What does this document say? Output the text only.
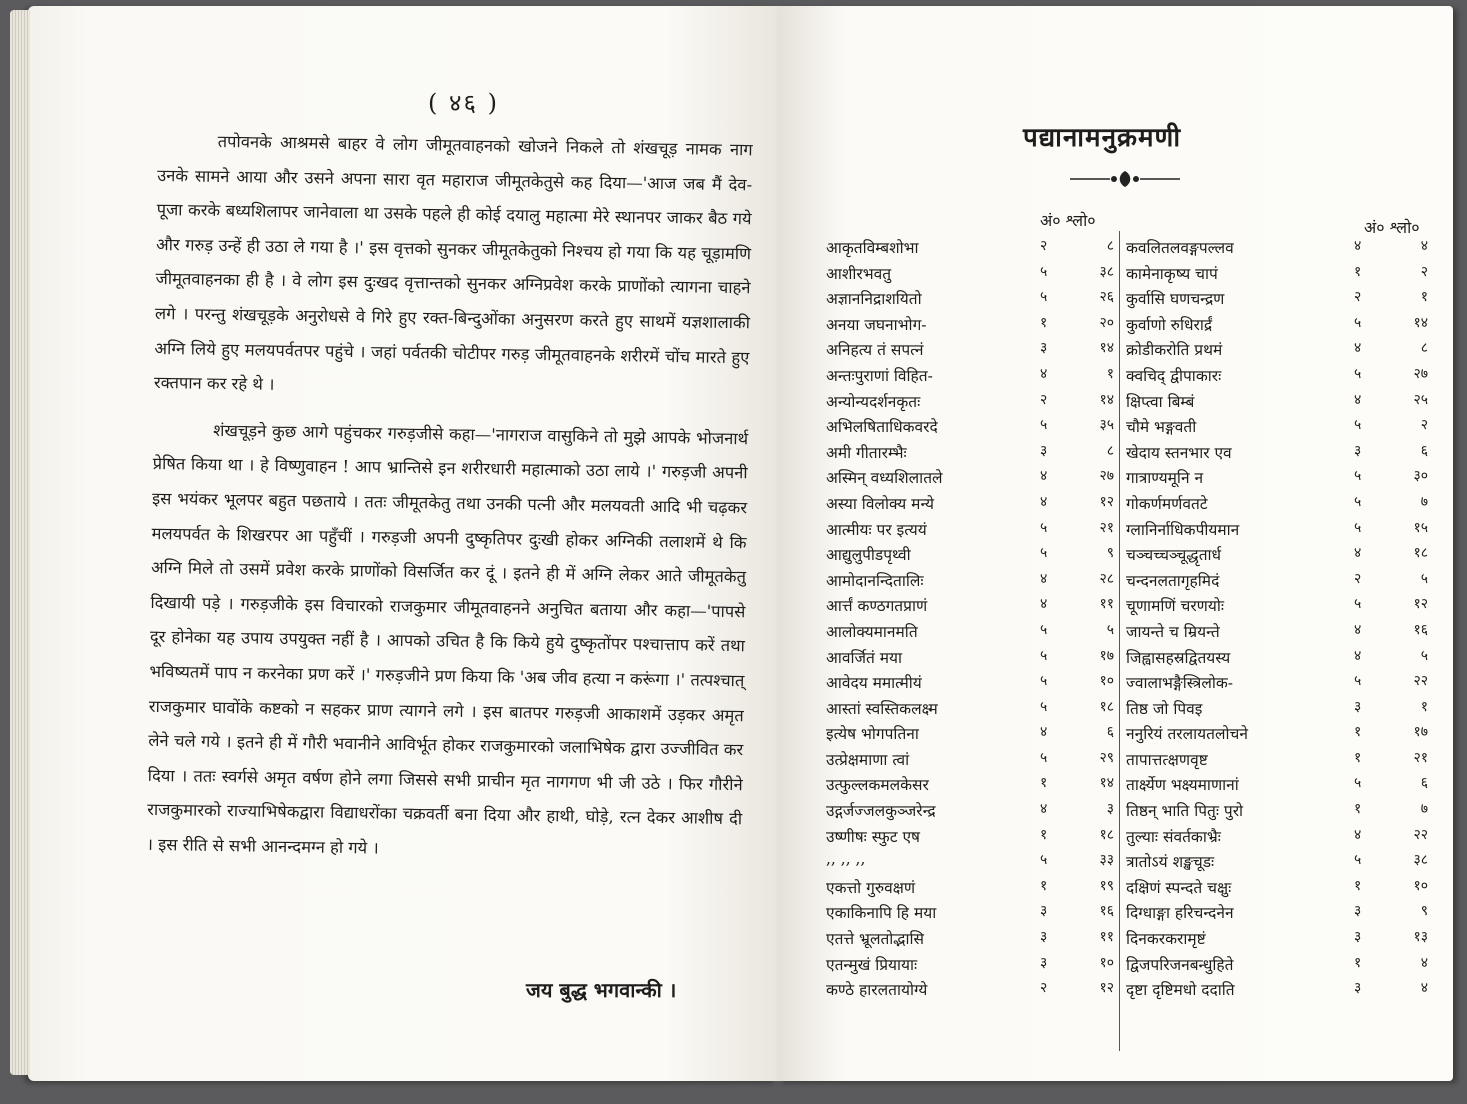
( ४६ )

तपोवनके आश्रमसे बाहर वे लोग जीमूतवाहनको खोजने निकले तो शंखचूड़ नामक नाग उनके सामने आया और उसने अपना सारा वृत महाराज जीमूतकेतुसे कह दिया—'आज जब मैं देव-पूजा करके बध्यशिलापर जानेवाला था उसके पहले ही कोई दयालु महात्मा मेरे स्थानपर जाकर बैठ गये और गरुड़ उन्हें ही उठा ले गया है ।' इस वृत्तको सुनकर जीमूतकेतुको निश्चय हो गया कि यह चूड़ामणि जीमूतवाहनका ही है । वे लोग इस दुःखद वृत्तान्तको सुनकर अग्निप्रवेश करके प्राणोंको त्यागना चाहने लगे । परन्तु शंखचूड़के अनुरोधसे वे गिरे हुए रक्त-बिन्दुओंका अनुसरण करते हुए साथमें यज्ञशालाकी अग्नि लिये हुए मलयपर्वतपर पहुंचे । जहां पर्वतकी चोटीपर गरुड़ जीमूतवाहनके शरीरमें चोंच मारते हुए रक्तपान कर रहे थे ।

शंखचूड़ने कुछ आगे पहुंचकर गरुड़जीसे कहा—'नागराज वासुकिने तो मुझे आपके भोजनार्थ प्रेषित किया था । हे विष्णुवाहन ! आप भ्रान्तिसे इन शरीरधारी महात्माको उठा लाये ।' गरुड़जी अपनी इस भयंकर भूलपर बहुत पछताये । ततः जीमूतकेतु तथा उनकी पत्नी और मलयवती आदि भी चढ़कर मलयपर्वत के शिखरपर आ पहुँचीं । गरुड़जी अपनी दुष्कृतिपर दुःखी होकर अग्निकी तलाशमें थे कि अग्नि मिले तो उसमें प्रवेश करके प्राणोंको विसर्जित कर दूं । इतने ही में अग्नि लेकर आते जीमूतकेतु दिखायी पड़े । गरुड़जीके इस विचारको राजकुमार जीमूतवाहनने अनुचित बताया और कहा—'पापसे दूर होनेका यह उपाय उपयुक्त नहीं है । आपको उचित है कि किये हुये दुष्कृतोंपर पश्चात्ताप करें तथा भविष्यतमें पाप न करनेका प्रण करें ।' गरुड़जीने प्रण किया कि 'अब जीव हत्या न करूंगा ।' तत्पश्चात् राजकुमार घावोंके कष्टको न सहकर प्राण त्यागने लगे । इस बातपर गरुड़जी आकाशमें उड़कर अमृत लेने चले गये । इतने ही में गौरी भवानीने आविर्भूत होकर राजकुमारको जलाभिषेक द्वारा उज्जीवित कर दिया । ततः स्वर्गसे अमृत वर्षण होने लगा जिससे सभी प्राचीन मृत नागगण भी जी उठे । फिर गौरीने राजकुमारको राज्याभिषेकद्वारा विद्याधरोंका चक्रवर्ती बना दिया और हाथी, घोड़े, रत्न देकर आशीष दी । इस रीति से सभी आनन्दमग्न हो गये ।

जय बुद्ध भगवान्की ।
पद्यानामनुक्रमणी
अं० श्लो०	अं० श्लो०
आकृतविम्बशोभा	२	८
आशीरभवतु	५	३८
अज्ञाननिद्राशयितो	५	२६
अनया जघनाभोग-	१	२०
अनिहत्य तं सपत्नं	३	१४
अन्तःपुराणां विहित-	४	१
अन्योन्यदर्शनकृतः	२	१४
अभिलषिताधिकवरदे	५	३५
अमी गीतारम्भैः	३	८
अस्मिन् वध्यशिलातले	४	२७
अस्या विलोक्य मन्ये	४	१२
आत्मीयः पर इत्ययं	५	२१
आद्युलुपीडपृथ्वी	५	९
आमोदानन्दितालिः	४	२८
आर्त्तं कण्ठगतप्राणं	४	११
आलोक्यमानमति	५	५
आवर्जितं मया	५	१७
आवेदय ममात्मीयं	५	१०
आस्तां स्वस्तिकलक्ष्म	५	१८
इत्येष भोगपतिना	४	६
उत्प्रेक्षमाणा त्वां	५	२९
उत्फुल्लकमलकेसर	१	१४
उद्गर्जज्जलकुञ्जरेन्द्र	४	३
उष्णीषः स्फुट एष	१	१८
,, ,, ,,	५	३३
एकत्तो गुरुवक्षणं	१	१९
एकाकिनापि हि मया	३	१६
एतत्ते भ्रूलतोद्भासि	३	११
एतन्मुखं प्रियायाः	३	१०
कण्ठे हारलतायोग्ये	२	१२
कवलितलवङ्गपल्लव	४	४
कामेनाकृष्य चापं	१	२
कुर्वासि घणचन्द्रण	२	१
कुर्वाणो रुधिरार्द्रं	५	१४
क्रोडीकरोति प्रथमं	४	८
क्वचिद् द्वीपाकारः	५	२७
क्षिप्त्वा बिम्बं	४	२५
चौमे भङ्गवती	५	२
खेदाय स्तनभार एव	३	६
गात्राण्यमूनि न	५	३०
गोकर्णमर्णवतटे	५	७
ग्लानिर्नाधिकपीयमान	५	१५
चञ्चच्चञ्चूद्धृतार्ध	४	१८
चन्दनलतागृहमिदं	२	५
चूणामणिं चरणयोः	५	१२
जायन्ते च म्रियन्ते	४	१६
जिह्वासहस्रद्वितयस्य	४	५
ज्वालाभङ्गैस्त्रिलोक-	५	२२
तिष्ठ जो पिवइ	३	१
ननुरियं तरलायतलोचने	१	१७
तापात्तत्क्षणवृष्ट	१	२१
तार्क्ष्येण भक्ष्यमाणानां	५	६
तिष्ठन् भाति पितुः पुरो	१	७
तुल्याः संवर्तकाभ्रैः	४	२२
त्रातोऽयं शङ्खचूडः	५	३८
दक्षिणं स्पन्दते चक्षुः	१	१०
दिग्धाङ्गा हरिचन्दनेन	३	९
दिनकरकरामृष्टं	३	१३
द्विजपरिजनबन्धुहिते	१	४
दृष्टा दृष्टिमधो ददाति	३	४
